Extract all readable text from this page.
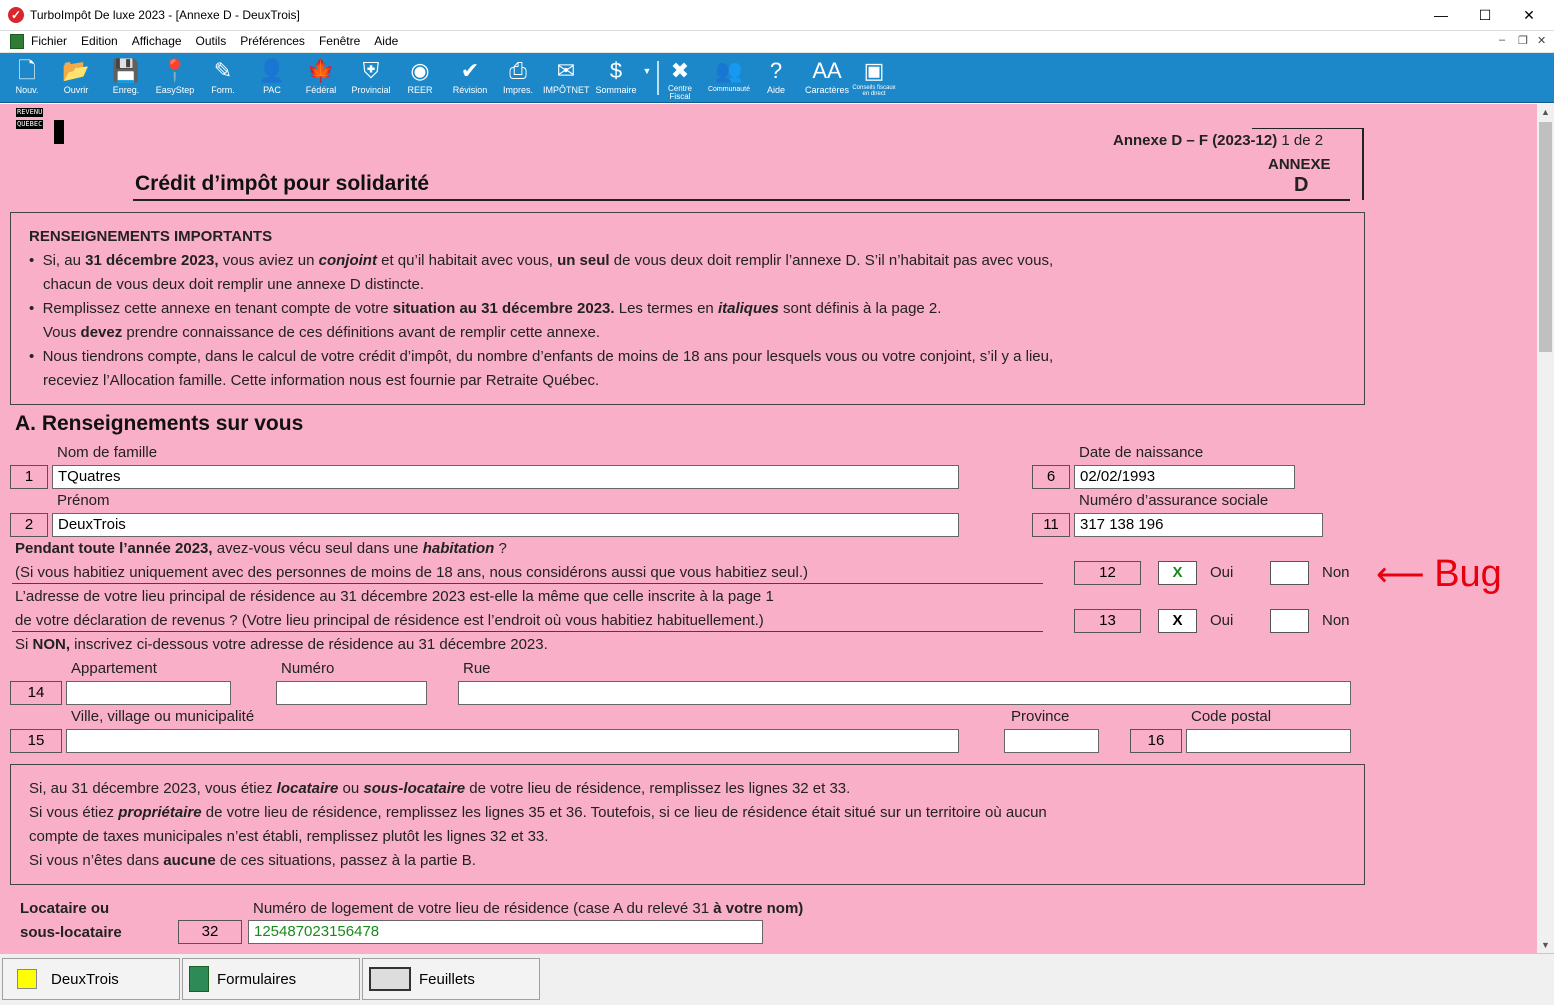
✓ TurboImpôt De luxe 2023 - [Annexe D - DeuxTrois]	—	☐	✕
Fichier Edition Affichage Outils Préférences Fenêtre Aide	– ❐ ✕
🗋
Nouv.
📂
Ouvrir
💾
Enreg.
📍
EasyStep
✎
Form.
👤
PAC
🍁
Fédéral
⛨
Provincial
◉
REER
✔
Révision
⎙
Impres.
✉
IMPÔTNET
$
Sommaire
▼ ✖
Centre Fiscal
👥
Communauté
?
Aide
AA
Caractères
▣
Conseils fiscaux en direct
REVENU
QUÉBEC
Annexe D – F (2023-12) 1 de 2
ANNEXE
D
Crédit d’impôt pour solidarité
RENSEIGNEMENTS IMPORTANTS
•  Si, au 31 décembre 2023, vous aviez un conjoint et qu’il habitait avec vous, un seul de vous deux doit remplir l’annexe D. S’il n’habitait pas avec vous,
chacun de vous deux doit remplir une annexe D distincte.
•  Remplissez cette annexe en tenant compte de votre situation au 31 décembre 2023. Les termes en italiques sont définis à la page 2.
Vous devez prendre connaissance de ces définitions avant de remplir cette annexe.
•  Nous tiendrons compte, dans le calcul de votre crédit d’impôt, du nombre d’enfants de moins de 18 ans pour lesquels vous ou votre conjoint, s’il y a lieu,
receviez l’Allocation famille. Cette information nous est fournie par Retraite Québec.
A. Renseignements sur vous
Nom de famille
1	TQuatres
Date de naissance
6	02/02/1993
Prénom
2	DeuxTrois
Numéro d’assurance sociale
11	317 138 196
Pendant toute l’année 2023, avez-vous vécu seul dans une habitation ?
(Si vous habitiez uniquement avec des personnes de moins de 18 ans, nous considérons aussi que vous habitiez seul.)	12	X	Oui	Non
L’adresse de votre lieu principal de résidence au 31 décembre 2023 est-elle la même que celle inscrite à la page 1
de votre déclaration de revenus ? (Votre lieu principal de résidence est l’endroit où vous habitiez habituellement.)	13	X	Oui	Non
Si NON, inscrivez ci-dessous votre adresse de résidence au 31 décembre 2023.
Appartement	Numéro	Rue
14
Ville, village ou municipalité	Province	Code postal
15	16
⟵ Bug
Si, au 31 décembre 2023, vous étiez locataire ou sous-locataire de votre lieu de résidence, remplissez les lignes 32 et 33.
Si vous étiez propriétaire de votre lieu de résidence, remplissez les lignes 35 et 36. Toutefois, si ce lieu de résidence était situé sur un territoire où aucun
compte de taxes municipales n’est établi, remplissez plutôt les lignes 32 et 33.
Si vous n’êtes dans aucune de ces situations, passez à la partie B.
Locataire ou
sous-locataire
Numéro de logement de votre lieu de résidence (case A du relevé 31 à votre nom)
32	125487023156478
▲
▼
DeuxTrois	Formulaires	Feuillets
